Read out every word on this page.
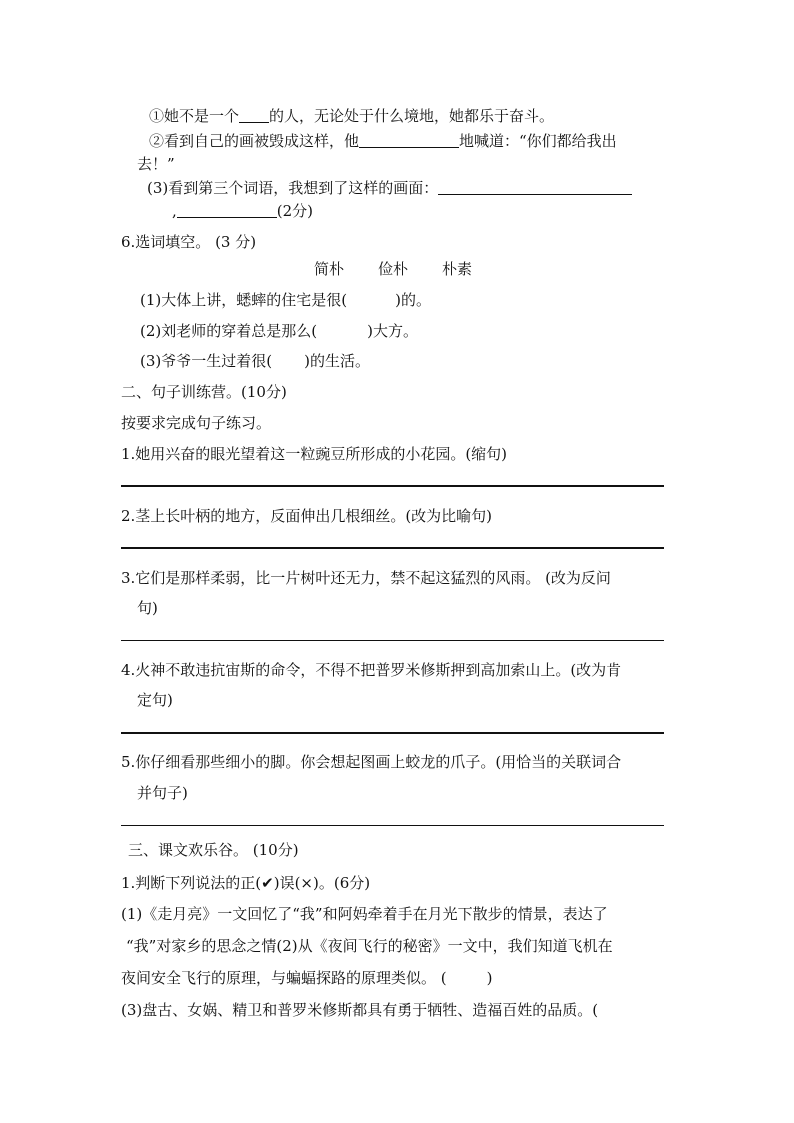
①她不是一个 的人，无论处于什么境地，她都乐于奋斗。
②看到自己的画被毁成这样，他	地喊道：“你们都给我出
去！”
(3)看到第三个词语，我想到了这样的画面：
,	(2分)
6.选词填空。 (3 分)
简朴 俭朴 朴素
(1)大体上讲，蟋蟀的住宅是很(	)的。
(2)刘老师的穿着总是那么(	)大方。
(3)爷爷一生过着很( )的生活。
二、句子训练营。(10分)
按要求完成句子练习。
1.她用兴奋的眼光望着这一粒豌豆所形成的小花园。(缩句)
2.茎上长叶柄的地方，反面伸出几根细丝。(改为比喻句)
3.它们是那样柔弱，比一片树叶还无力，禁不起这猛烈的风雨。 (改为反问
句)
4.火神不敢违抗宙斯的命令，不得不把普罗米修斯押到高加索山上。(改为肯
定句)
5.你仔细看那些细小的脚。你会想起图画上蛟龙的爪子。(用恰当的关联词合
并句子)
三、课文欢乐谷。 (10分)
1.判断下列说法的正(✔)误(×)。(6分)
(1)《走月亮》一文回忆了“我”和阿妈牵着手在月光下散步的情景，表达了
“我”对家乡的思念之情(2)从《夜间飞行的秘密》一文中，我们知道飞机在
夜间安全飞行的原理，与蝙蝠探路的原理类似。 (	)
(3)盘古、女娲、精卫和普罗米修斯都具有勇于牺牲、造福百姓的品质。(
